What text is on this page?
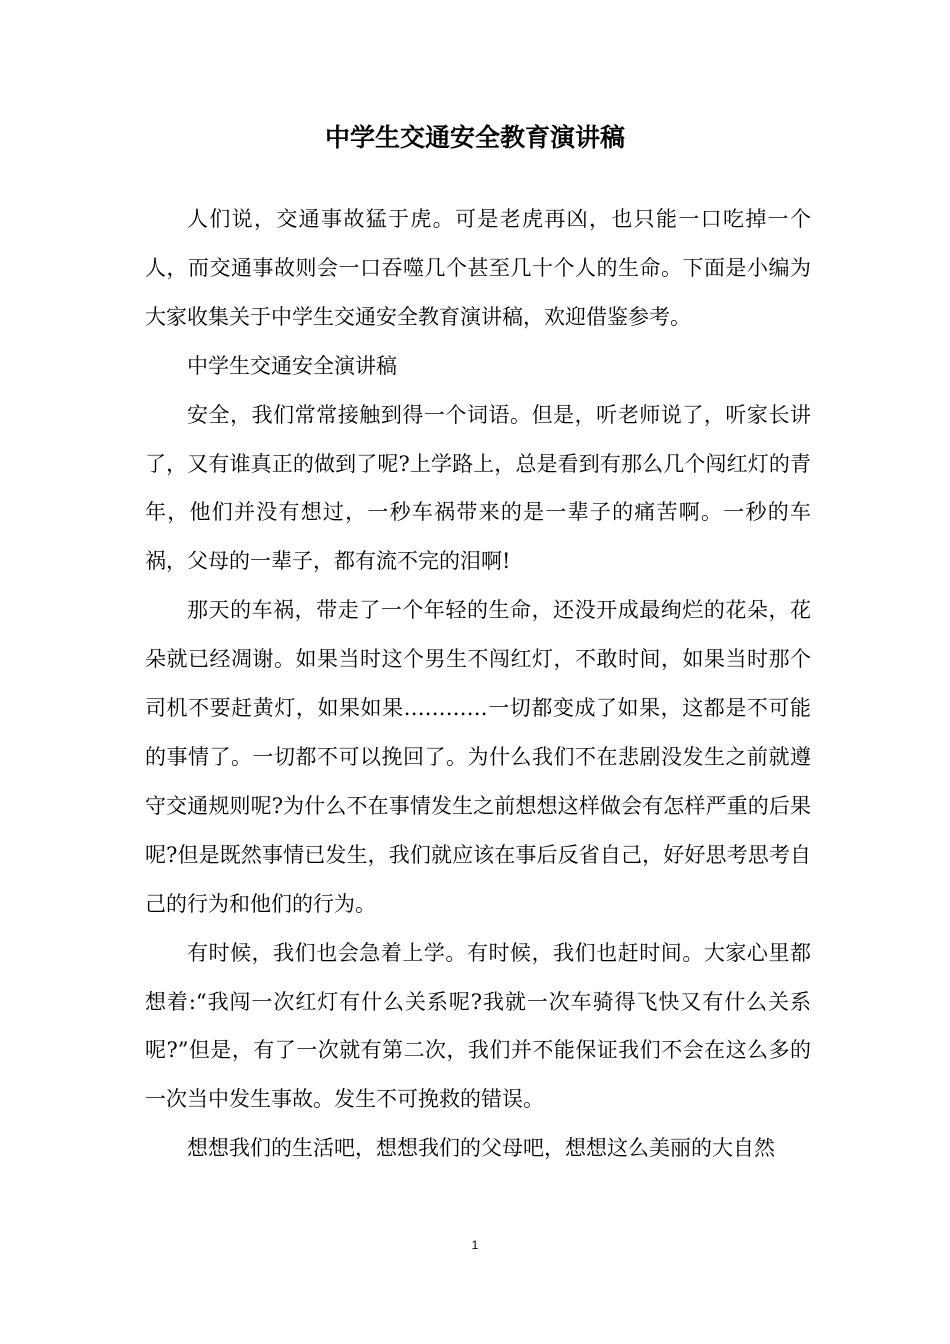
中学生交通安全教育演讲稿

人们说，交通事故猛于虎。可是老虎再凶，也只能一口吃掉一个人，而交通事故则会一口吞噬几个甚至几十个人的生命。下面是小编为大家收集关于中学生交通安全教育演讲稿，欢迎借鉴参考。

中学生交通安全演讲稿

安全，我们常常接触到得一个词语。但是，听老师说了，听家长讲了，又有谁真正的做到了呢?上学路上，总是看到有那么几个闯红灯的青年，他们并没有想过，一秒车祸带来的是一辈子的痛苦啊。一秒的车祸，父母的一辈子，都有流不完的泪啊!

那天的车祸，带走了一个年轻的生命，还没开成最绚烂的花朵，花朵就已经凋谢。如果当时这个男生不闯红灯，不敢时间，如果当时那个司机不要赶黄灯，如果如果…………一切都变成了如果，这都是不可能的事情了。一切都不可以挽回了。为什么我们不在悲剧没发生之前就遵守交通规则呢?为什么不在事情发生之前想想这样做会有怎样严重的后果呢?但是既然事情已发生，我们就应该在事后反省自己，好好思考思考自己的行为和他们的行为。

有时候，我们也会急着上学。有时候，我们也赶时间。大家心里都想着:“我闯一次红灯有什么关系呢?我就一次车骑得飞快又有什么关系呢?”但是，有了一次就有第二次，我们并不能保证我们不会在这么多的一次当中发生事故。发生不可挽救的错误。

想想我们的生活吧，想想我们的父母吧，想想这么美丽的大自然

1
